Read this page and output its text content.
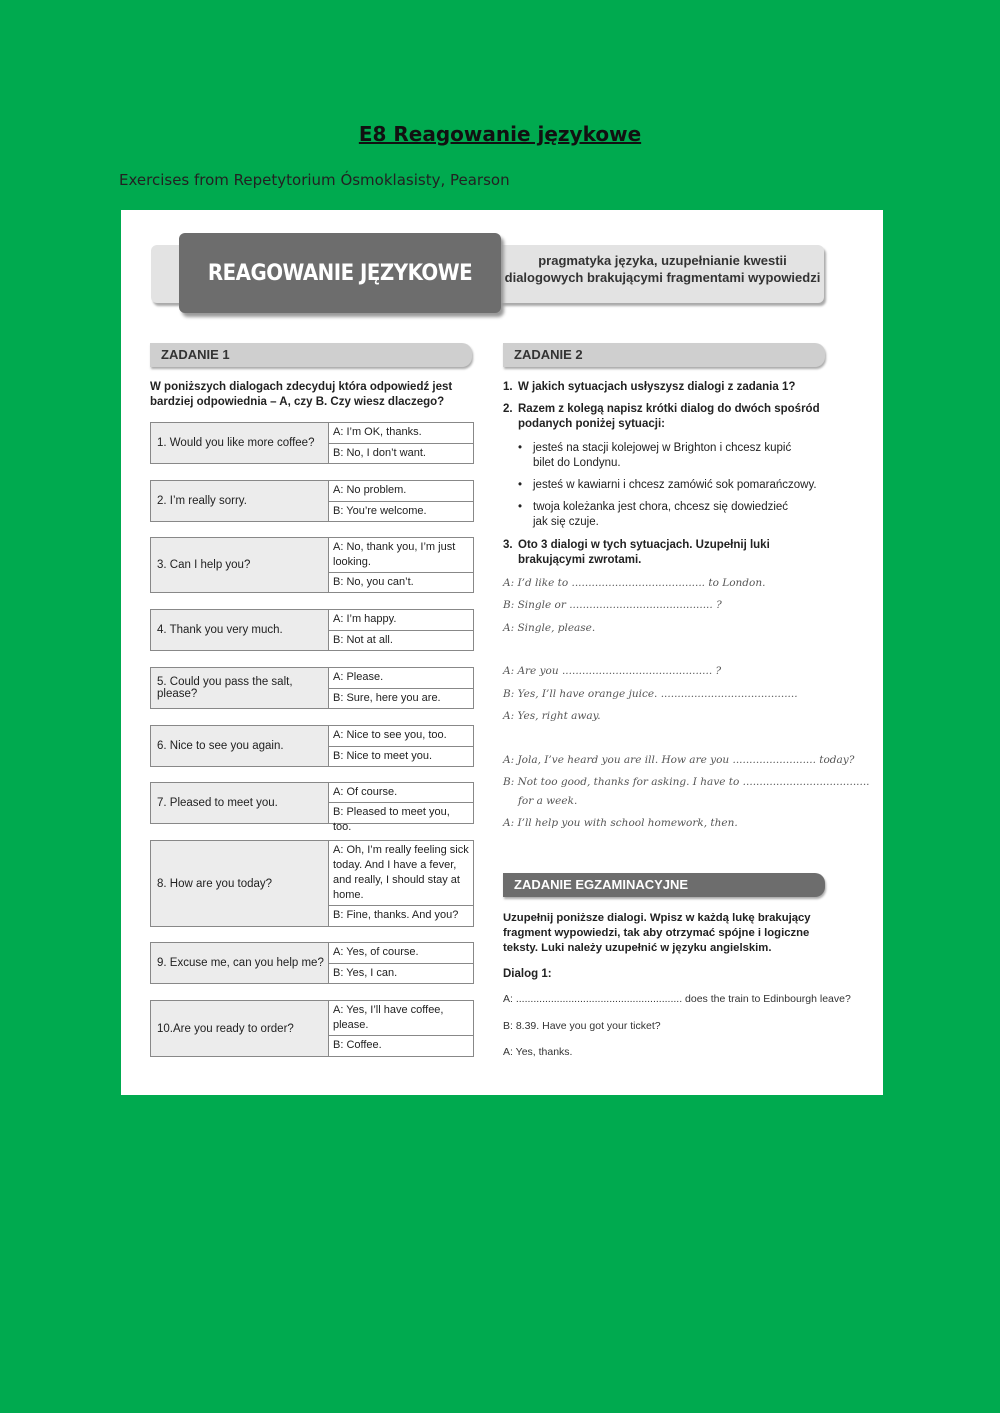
E8 Reagowanie językowe
Exercises from Repetytorium Ósmoklasisty, Pearson
REAGOWANIE JĘZYKOWE	pragmatyka języka, uzupełnianie kwestii
dialogowych brakującymi fragmentami wypowiedzi
ZADANIE 1
W poniższych dialogach zdecyduj która odpowiedź jest
bardziej odpowiednia – A, czy B. Czy wiesz dlaczego?
1. Would you like more coffee?
A: I’m OK, thanks.
B: No, I don’t want.
2. I’m really sorry.
A: No problem.
B: You’re welcome.
3. Can I help you?
A: No, thank you, I’m just looking.
B: No, you can’t.
4. Thank you very much.
A: I’m happy.
B: Not at all.
5. Could you pass the salt, please?
A: Please.
B: Sure, here you are.
6. Nice to see you again.
A: Nice to see you, too.
B: Nice to meet you.
7. Pleased to meet you.
A: Of course.
B: Pleased to meet you, too.
8. How are you today?
A: Oh, I’m really feeling sick today. And I have a fever, and really, I should stay at home.
B: Fine, thanks. And you?
9. Excuse me, can you help me?
A: Yes, of course.
B: Yes, I can.
10.Are you ready to order?
A: Yes, I’ll have coffee, please.
B: Coffee.
ZADANIE 2
1. W jakich sytuacjach usłyszysz dialogi z zadania 1?
2. Razem z kolegą napisz krótki dialog do dwóch spośród
podanych poniżej sytuacji:
• jesteś na stacji kolejowej w Brighton i chcesz kupić
bilet do Londynu.
• jesteś w kawiarni i chcesz zamówić sok pomarańczowy.
• twoja koleżanka jest chora, chcesz się dowiedzieć
jak się czuje.
3. Oto 3 dialogi w tych sytuacjach. Uzupełnij luki
brakującymi zwrotami.
A: I’d like to ........................................ to London.
B: Single or ........................................... ?
A: Single, please.
A: Are you ............................................. ?
B: Yes, I’ll have orange juice. .........................................
A: Yes, right away.
A: Jola, I’ve heard you are ill. How are you ......................... today?
B: Not too good, thanks for asking. I have to ......................................
for a week.
A: I’ll help you with school homework, then.
ZADANIE EGZAMINACYJNE
Uzupełnij poniższe dialogi. Wpisz w każdą lukę brakujący
fragment wypowiedzi, tak aby otrzymać spójne i logiczne
teksty. Luki należy uzupełnić w języku angielskim.
Dialog 1:
A: ......................................................... does the train to Edinbourgh leave?
B: 8.39. Have you got your ticket?
A: Yes, thanks.
